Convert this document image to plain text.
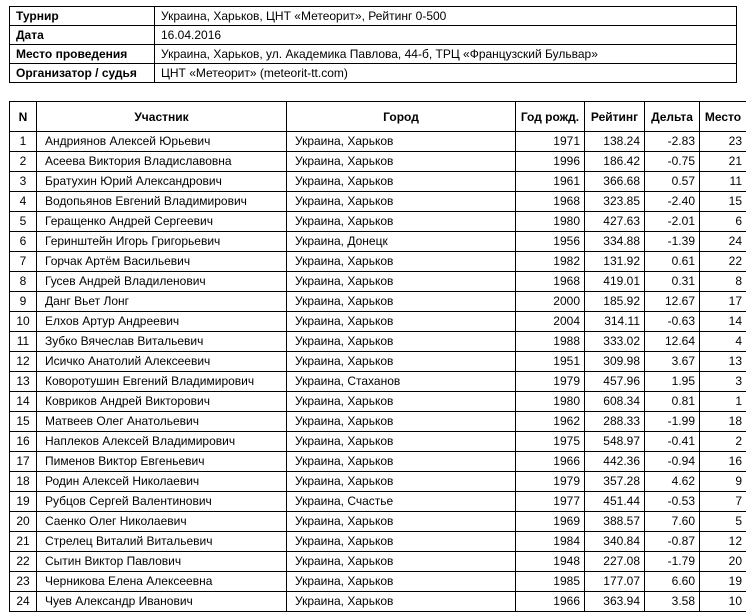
Турнир	Украина, Харьков, ЦНТ «Метеорит», Рейтинг 0-500
Дата	16.04.2016
Место проведения	Украина, Харьков, ул. Академика Павлова, 44-б, ТРЦ «Французский Бульвар»
Организатор / судья	ЦНТ «Метеорит» (meteorit-tt.com)
N	Участник	Город	Год рожд.	Рейтинг	Дельта	Место
1	Андриянов Алексей Юрьевич	Украина, Харьков	1971	138.24	-2.83	23
2	Асеева Виктория Владиславовна	Украина, Харьков	1996	186.42	-0.75	21
3	Братухин Юрий Александрович	Украина, Харьков	1961	366.68	0.57	11
4	Водопьянов Евгений Владимирович	Украина, Харьков	1968	323.85	-2.40	15
5	Геращенко Андрей Сергеевич	Украина, Харьков	1980	427.63	-2.01	6
6	Геринштейн Игорь Григорьевич	Украина, Донецк	1956	334.88	-1.39	24
7	Горчак Артём Васильевич	Украина, Харьков	1982	131.92	0.61	22
8	Гусев Андрей Владиленович	Украина, Харьков	1968	419.01	0.31	8
9	Данг Вьет Лонг	Украина, Харьков	2000	185.92	12.67	17
10	Елхов Артур Андреевич	Украина, Харьков	2004	314.11	-0.63	14
11	Зубко Вячеслав Витальевич	Украина, Харьков	1988	333.02	12.64	4
12	Исичко Анатолий Алексеевич	Украина, Харьков	1951	309.98	3.67	13
13	Коворотушин Евгений Владимирович	Украина, Стаханов	1979	457.96	1.95	3
14	Ковриков Андрей Викторович	Украина, Харьков	1980	608.34	0.81	1
15	Матвеев Олег Анатольевич	Украина, Харьков	1962	288.33	-1.99	18
16	Наплеков Алексей Владимирович	Украина, Харьков	1975	548.97	-0.41	2
17	Пименов Виктор Евгеньевич	Украина, Харьков	1966	442.36	-0.94	16
18	Родин Алексей Николаевич	Украина, Харьков	1979	357.28	4.62	9
19	Рубцов Сергей Валентинович	Украина, Счастье	1977	451.44	-0.53	7
20	Саенко Олег Николаевич	Украина, Харьков	1969	388.57	7.60	5
21	Стрелец Виталий Витальевич	Украина, Харьков	1984	340.84	-0.87	12
22	Сытин Виктор Павлович	Украина, Харьков	1948	227.08	-1.79	20
23	Черникова Елена Алексеевна	Украина, Харьков	1985	177.07	6.60	19
24	Чуев Александр Иванович	Украина, Харьков	1966	363.94	3.58	10
